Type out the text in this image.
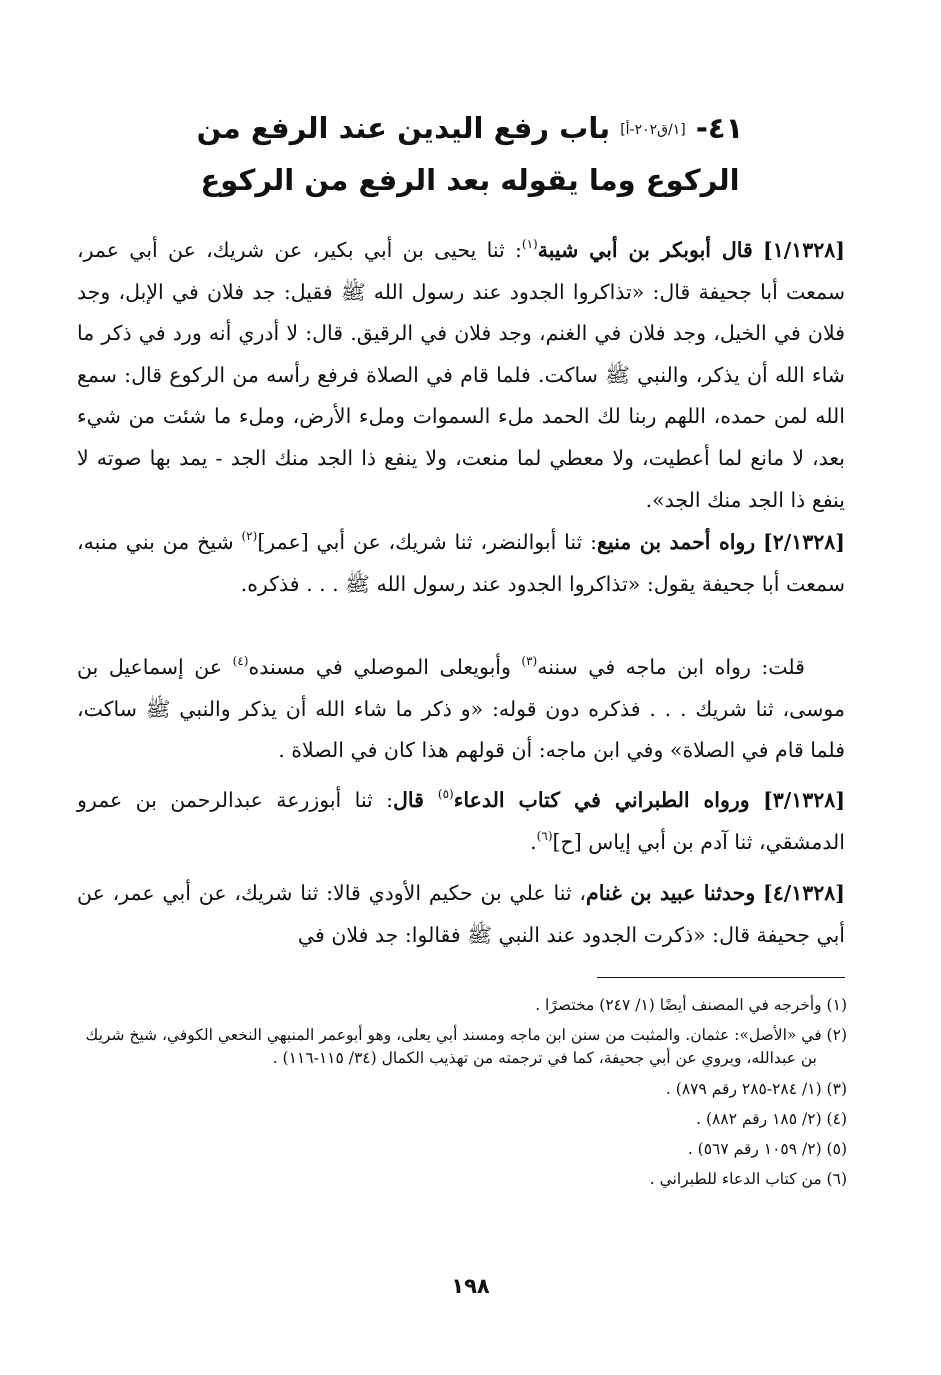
٤١- [١/ق٢٠٢-أ] باب رفع اليدين عند الرفع من
الركوع وما يقوله بعد الرفع من الركوع

[١/١٣٢٨] قال أبوبكر بن أبي شيبة$^{(١)}$: ثنا يحيى بن أبي بكير، عن شريك، عن أبي عمر، سمعت أبا جحيفة قال: «تذاكروا الجدود عند رسول الله ﷺ فقيل: جد فلان في الإبل، وجد فلان في الخيل، وجد فلان في الغنم، وجد فلان في الرقيق. قال: لا أدري أنه ورد في ذكر ما شاء الله أن يذكر، والنبي ﷺ ساكت. فلما قام في الصلاة فرفع رأسه من الركوع قال: سمع الله لمن حمده، اللهم ربنا لك الحمد ملء السموات وملء الأرض، وملء ما شئت من شيء بعد، لا مانع لما أعطيت، ولا معطي لما منعت، ولا ينفع ذا الجد منك الجد - يمد بها صوته لا ينفع ذا الجد منك الجد».

[٢/١٣٢٨] رواه أحمد بن منيع: ثنا أبوالنضر، ثنا شريك، عن أبي [عمر]$^{(٢)}$ شيخ من بني منبه، سمعت أبا جحيفة يقول: «تذاكروا الجدود عند رسول الله ﷺ . . . فذكره.

قلت: رواه ابن ماجه في سننه$^{(٣)}$ وأبويعلى الموصلي في مسنده$^{(٤)}$ عن إسماعيل بن موسى، ثنا شريك . . . فذكره دون قوله: «و ذكر ما شاء الله أن يذكر والنبي ﷺ ساكت، فلما قام في الصلاة» وفي ابن ماجه: أن قولهم هذا كان في الصلاة .

[٣/١٣٢٨] ورواه الطبراني في كتاب الدعاء$^{(٥)}$ قال: ثنا أبوزرعة عبدالرحمن بن عمرو الدمشقي، ثنا آدم بن أبي إياس [ح]$^{(٦)}$.

[٤/١٣٢٨] وحدثنا عبيد بن غنام، ثنا علي بن حكيم الأودي قالا: ثنا شريك، عن أبي عمر، عن أبي جحيفة قال: «ذكرت الجدود عند النبي ﷺ فقالوا: جد فلان في

(١) وأخرجه في المصنف أيضًا (١/ ٢٤٧) مختصرًا .

(٢) في «الأصل»: عثمان. والمثبت من سنن ابن ماجه ومسند أبي يعلى، وهو أبوعمر المنبهي النخعي الكوفي، شيخ شريك بن عبدالله، ويروي عن أبي جحيفة، كما في ترجمته من تهذيب الكمال (٣٤/ ١١٥-١١٦) .

(٣) (١/ ٢٨٤-٢٨٥ رقم ٨٧٩) .

(٤) (٢/ ١٨٥ رقم ٨٨٢) .

(٥) (٢/ ١٠٥٩ رقم ٥٦٧) .

(٦) من كتاب الدعاء للطبراني .

١٩٨
